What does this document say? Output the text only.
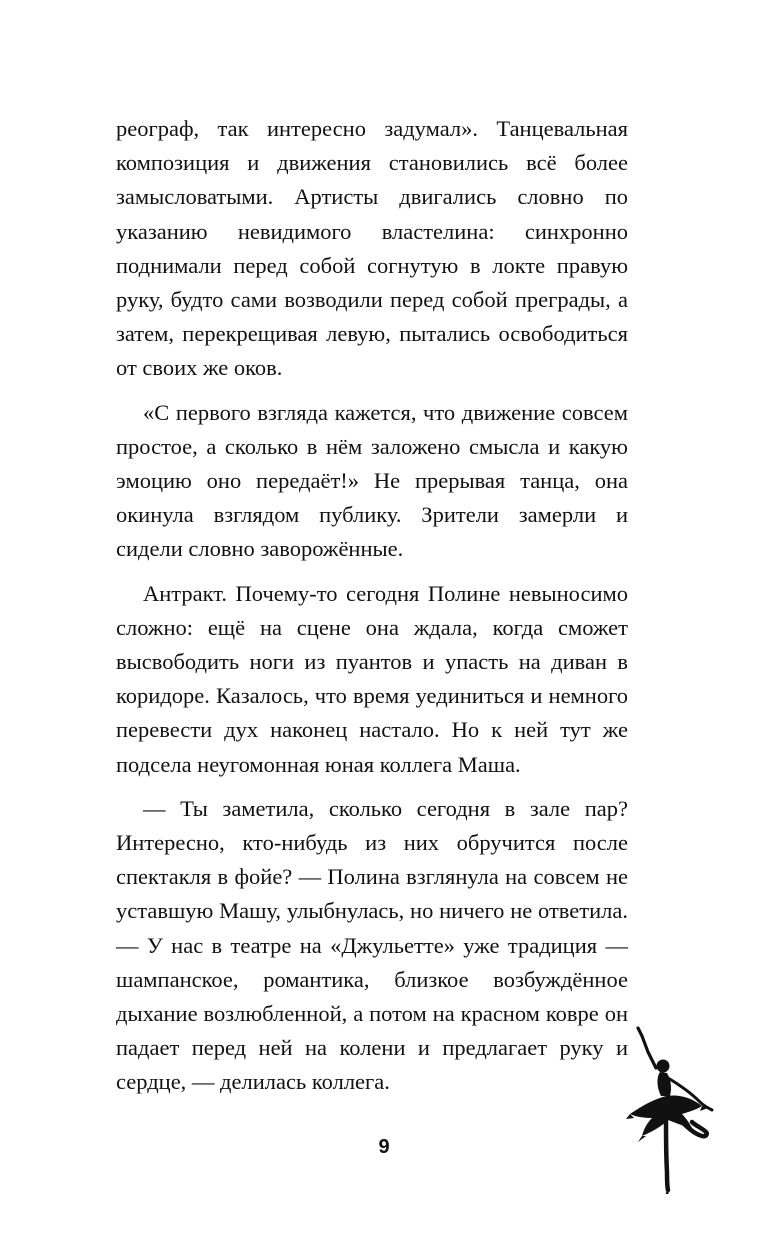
реограф, так интересно задумал». Танцевальная композиция и движения становились всё более замысловатыми. Артисты двигались словно по указанию невидимого властелина: синхронно поднимали перед собой согнутую в локте правую руку, будто сами возводили перед собой преграды, а затем, перекрещивая левую, пытались освободиться от своих же оков.

«С первого взгляда кажется, что движение совсем простое, а сколько в нём заложено смысла и какую эмоцию оно передаёт!» Не прерывая танца, она окинула взглядом публику. Зрители замерли и сидели словно заворожённые.

Антракт. Почему-то сегодня Полине невыносимо сложно: ещё на сцене она ждала, когда сможет высвободить ноги из пуантов и упасть на диван в коридоре. Казалось, что время уединиться и немного перевести дух наконец настало. Но к ней тут же подсела неугомонная юная коллега Маша.

— Ты заметила, сколько сегодня в зале пар? Интересно, кто-нибудь из них обручится после спектакля в фойе? — Полина взглянула на совсем не уставшую Машу, улыбнулась, но ничего не ответила. — У нас в театре на «Джульетте» уже традиция — шампанское, романтика, близкое возбуждённое дыхание возлюбленной, а потом на красном ковре он падает перед ней на колени и предлагает руку и сердце, — делилась коллега.

9
